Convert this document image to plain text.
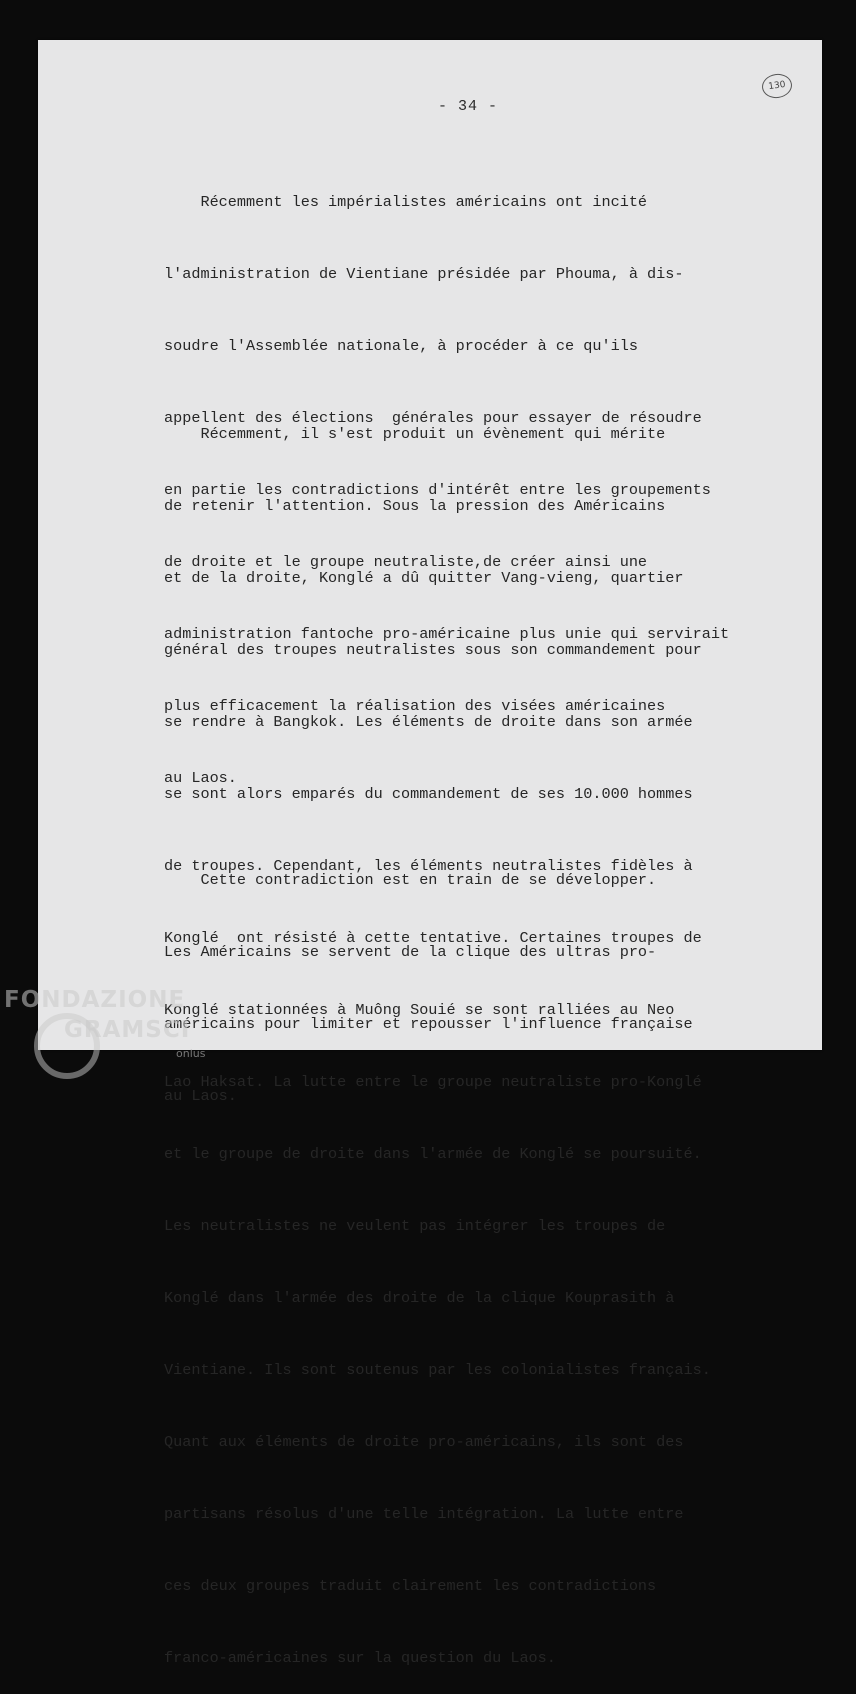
- 34 -
130

Récemment les impérialistes américains ont incité

l'administration de Vientiane présidée par Phouma, à dis-

soudre l'Assemblée nationale, à procéder à ce qu'ils

appellent des élections  générales pour essayer de résoudre

en partie les contradictions d'intérêt entre les groupements

de droite et le groupe neutraliste,de créer ainsi une

administration fantoche pro-américaine plus unie qui servirait

plus efficacement la réalisation des visées américaines

au Laos.

Récemment, il s'est produit un évènement qui mérite

de retenir l'attention. Sous la pression des Américains

et de la droite, Konglé a dû quitter Vang-vieng, quartier

général des troupes neutralistes sous son commandement pour

se rendre à Bangkok. Les éléments de droite dans son armée

se sont alors emparés du commandement de ses 10.000 hommes

de troupes. Cependant, les éléments neutralistes fidèles à

Konglé  ont résisté à cette tentative. Certaines troupes de

Konglé stationnées à Muông Souié se sont ralliées au Neo

Lao Haksat. La lutte entre le groupe neutraliste pro-Konglé

et le groupe de droite dans l'armée de Konglé se poursuité.

Les neutralistes ne veulent pas intégrer les troupes de

Konglé dans l'armée des droite de la clique Kouprasith à

Vientiane. Ils sont soutenus par les colonialistes français.

Quant aux éléments de droite pro-américains, ils sont des

partisans résolus d'une telle intégration. La lutte entre

ces deux groupes traduit clairement les contradictions

franco-américaines sur la question du Laos.

Cette contradiction est en train de se développer.

Les Américains se servent de la clique des ultras pro-

américains pour limiter et repousser l'influence française

au Laos.

FONDAZIONE
GRAMSCI
onlus
